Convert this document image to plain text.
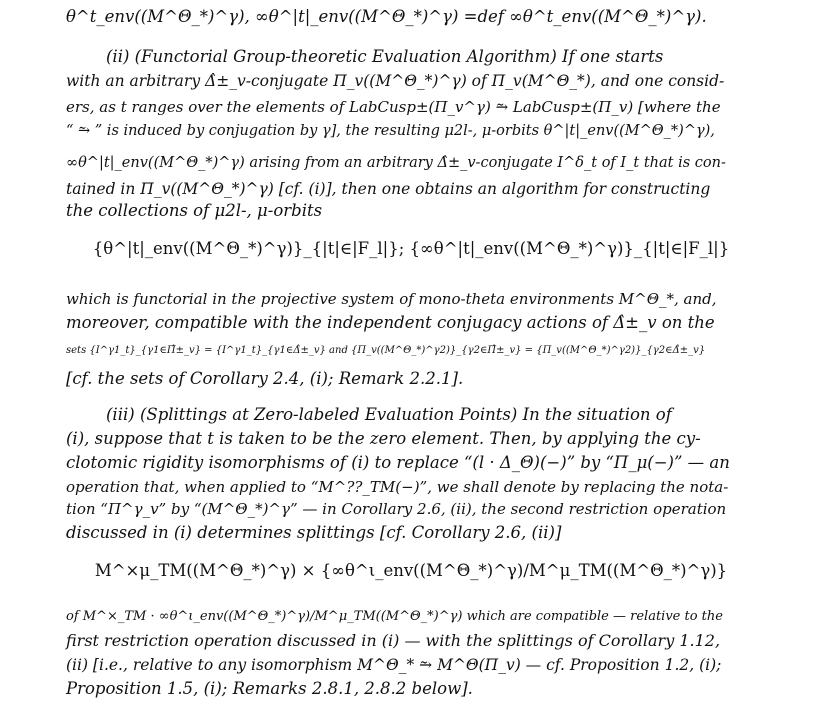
θ^t_env((M^Θ_*)^γ), ∞θ^|t|_env((M^Θ_*)^γ) =def ∞θ^t_env((M^Θ_*)^γ).
(ii) (Functorial Group-theoretic Evaluation Algorithm) If one starts
with an arbitrary Δ̂±_v-conjugate Π_v((M^Θ_*)^γ) of Π_v(M^Θ_*), and one consid-
ers, as t ranges over the elements of LabCusp±(Π_v^γ) ⥲ LabCusp±(Π_v) [where the
“ ⥲ ” is induced by conjugation by γ], the resulting μ2l-, μ-orbits θ^|t|_env((M^Θ_*)^γ),
∞θ^|t|_env((M^Θ_*)^γ) arising from an arbitrary Δ̂±_v-conjugate I^δ_t of I_t that is con-
tained in Π_v((M^Θ_*)^γ) [cf. (i)], then one obtains an algorithm for constructing
the collections of μ2l-, μ-orbits
{θ^|t|_env((M^Θ_*)^γ)}_{|t|∈|F_l|}; {∞θ^|t|_env((M^Θ_*)^γ)}_{|t|∈|F_l|}
which is functorial in the projective system of mono-theta environments M^Θ_*, and,
moreover, compatible with the independent conjugacy actions of Δ̂±_v on the
sets {I^γ1_t}_{γ1∈Π̂±_v} = {I^γ1_t}_{γ1∈Δ̂±_v} and {Π_v((M^Θ_*)^γ2)}_{γ2∈Π̂±_v} = {Π_v((M^Θ_*)^γ2)}_{γ2∈Δ̂±_v}
[cf. the sets of Corollary 2.4, (i); Remark 2.2.1].
(iii) (Splittings at Zero-labeled Evaluation Points) In the situation of
(i), suppose that t is taken to be the zero element. Then, by applying the cy-
clotomic rigidity isomorphisms of (i) to replace “(l · Δ_Θ)(−)” by “Π_μ(−)” — an
operation that, when applied to “M^??_TM(−)”, we shall denote by replacing the nota-
tion “Π^γ_v” by “(M^Θ_*)^γ” — in Corollary 2.6, (ii), the second restriction operation
discussed in (i) determines splittings [cf. Corollary 2.6, (ii)]
M^×μ_TM((M^Θ_*)^γ) × {∞θ^ι_env((M^Θ_*)^γ)/M^μ_TM((M^Θ_*)^γ)}
of M^×_TM · ∞θ^ι_env((M^Θ_*)^γ)/M^μ_TM((M^Θ_*)^γ) which are compatible — relative to the
first restriction operation discussed in (i) — with the splittings of Corollary 1.12,
(ii) [i.e., relative to any isomorphism M^Θ_* ⥲ M^Θ(Π_v) — cf. Proposition 1.2, (i);
Proposition 1.5, (i); Remarks 2.8.1, 2.8.2 below].
